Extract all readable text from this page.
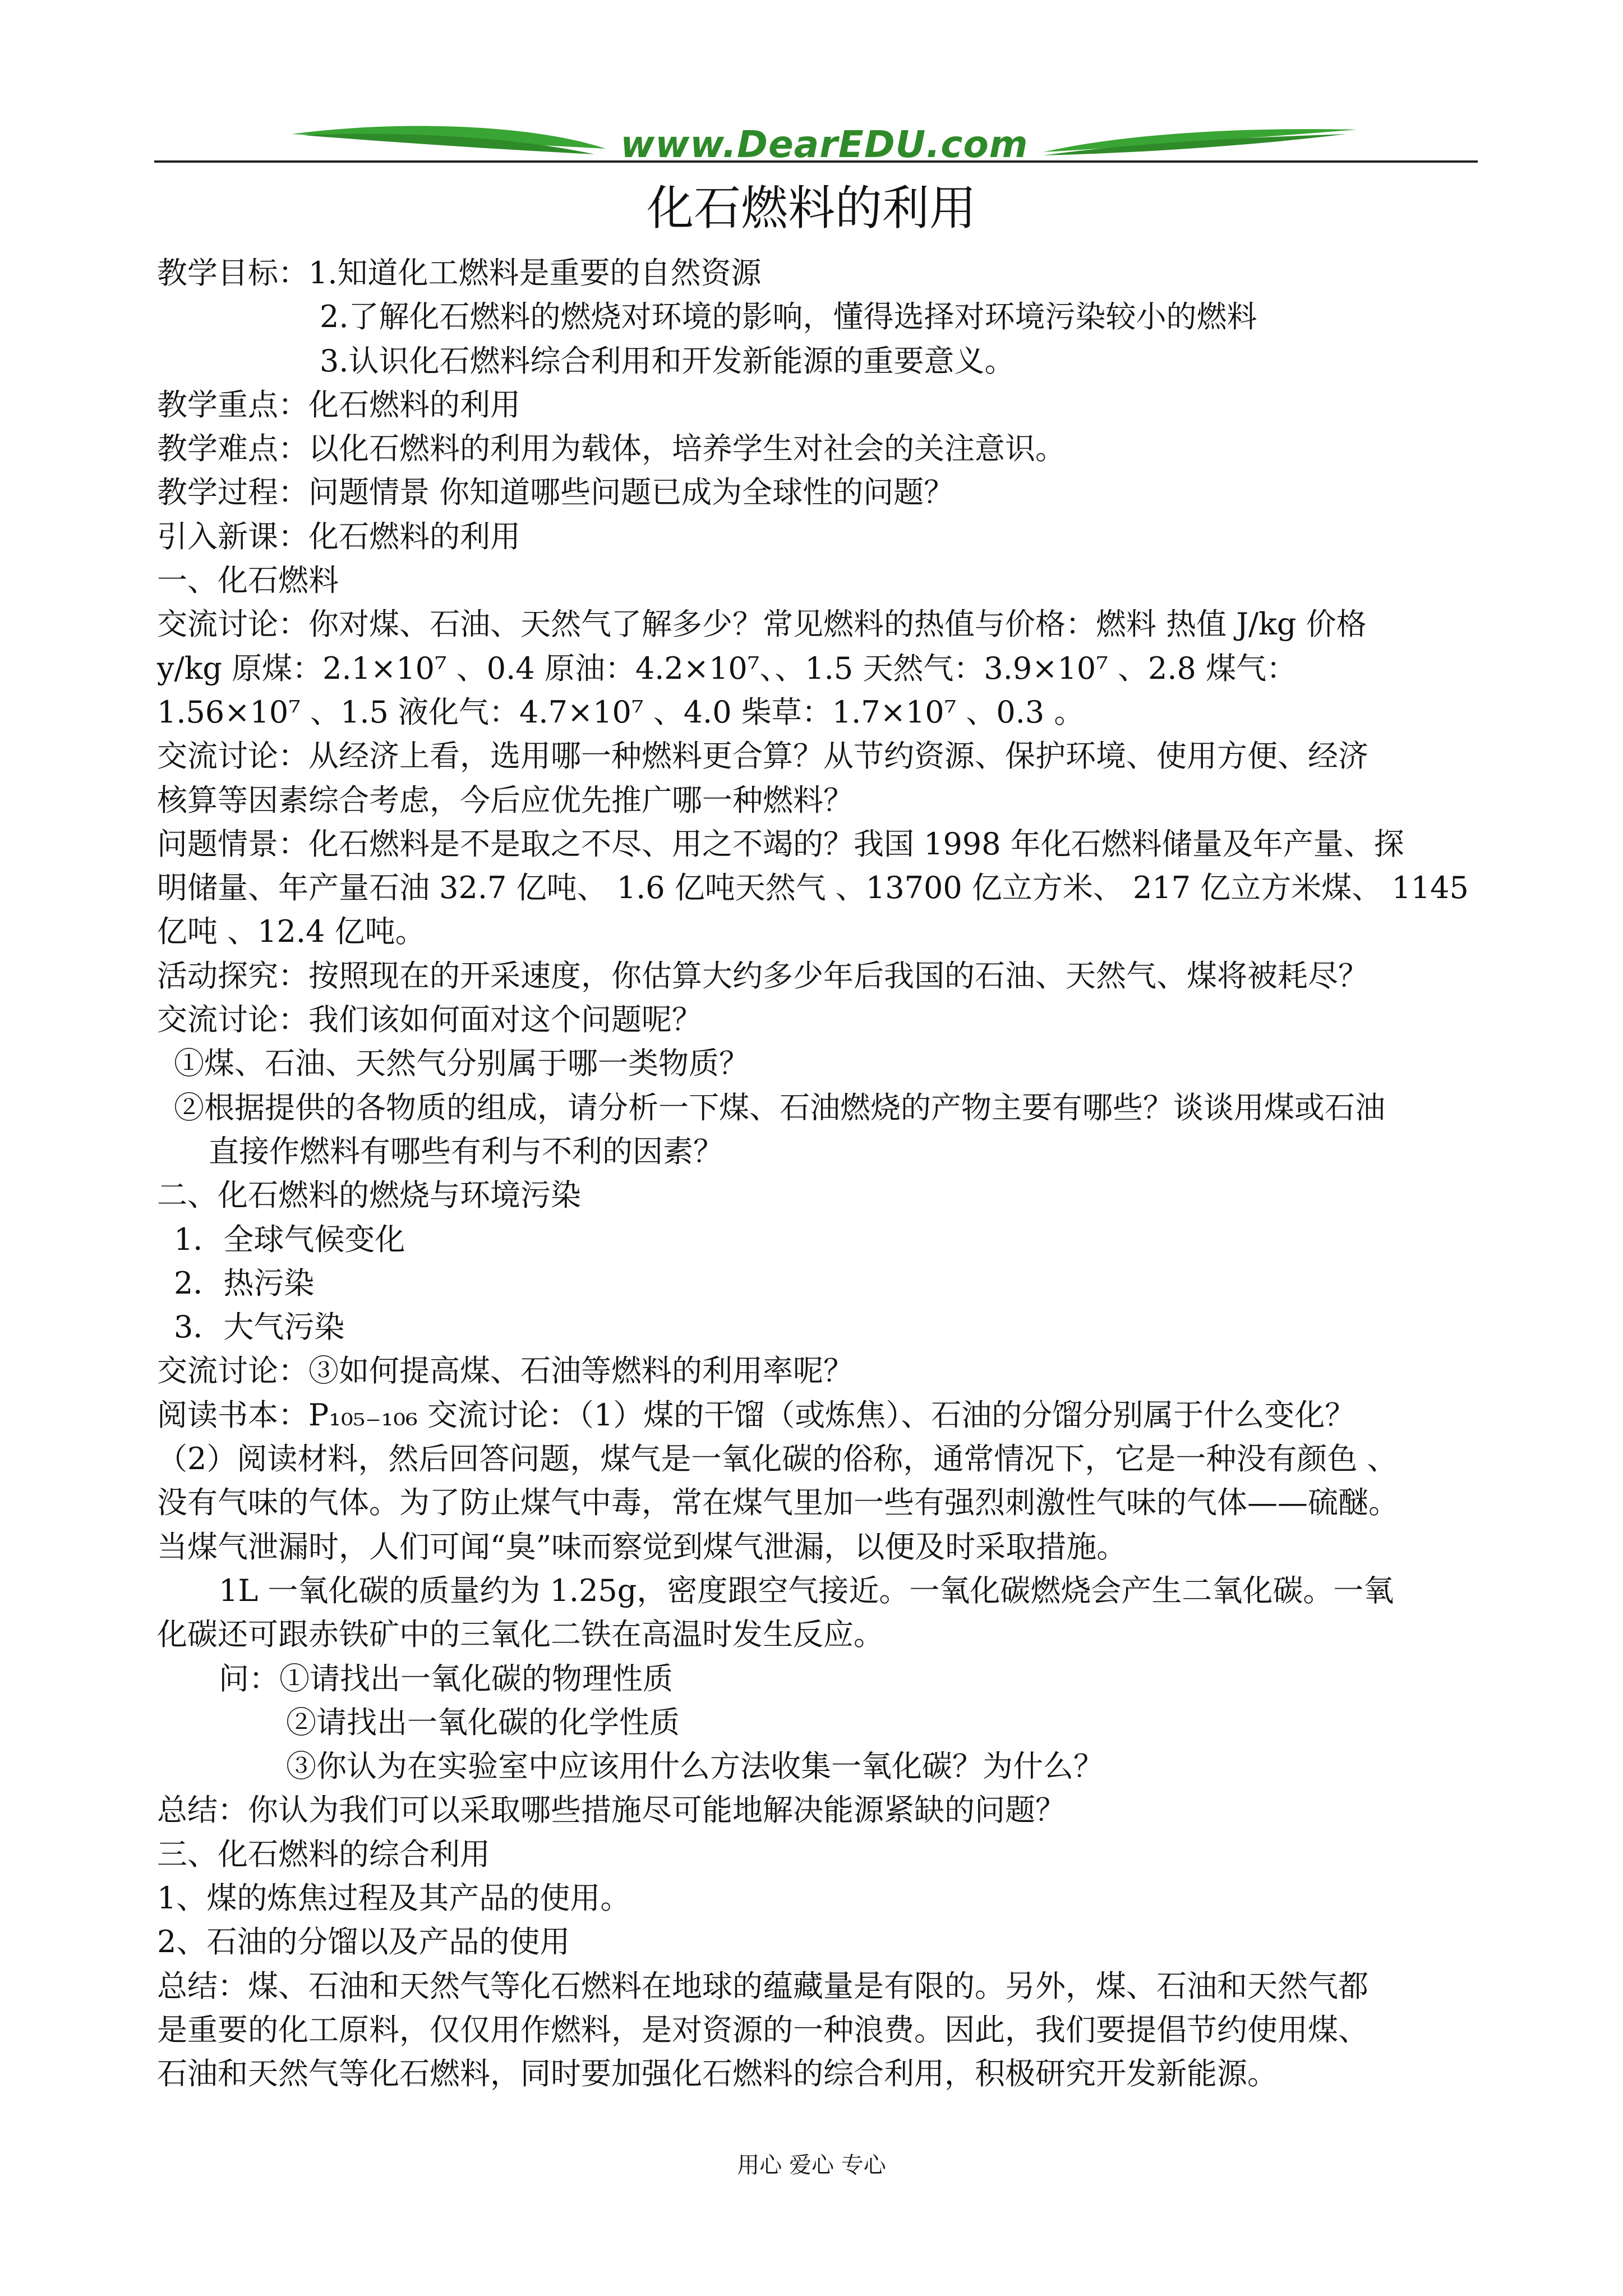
www.DearEDU.com
化石燃料的利用
教学目标：1.知道化工燃料是重要的自然资源
2.了解化石燃料的燃烧对环境的影响，懂得选择对环境污染较小的燃料
3.认识化石燃料综合利用和开发新能源的重要意义。
教学重点：化石燃料的利用
教学难点：以化石燃料的利用为载体，培养学生对社会的关注意识。
教学过程：问题情景 你知道哪些问题已成为全球性的问题？
引入新课：化石燃料的利用
一、化石燃料
交流讨论：你对煤、石油、天然气了解多少？常见燃料的热值与价格：燃料 热值 J/kg 价格
y/kg 原煤：2.1×10⁷ 、0.4 原油：4.2×10⁷、、1.5 天然气：3.9×10⁷ 、2.8 煤气：
1.56×10⁷ 、1.5 液化气：4.7×10⁷ 、4.0 柴草：1.7×10⁷ 、0.3 。
交流讨论：从经济上看，选用哪一种燃料更合算？从节约资源、保护环境、使用方便、经济
核算等因素综合考虑，今后应优先推广哪一种燃料？
问题情景：化石燃料是不是取之不尽、用之不竭的？我国 1998 年化石燃料储量及年产量、探
明储量、年产量石油 32.7 亿吨、 1.6 亿吨天然气 、13700 亿立方米、 217 亿立方米煤、 1145
亿吨 、12.4 亿吨。
活动探究：按照现在的开采速度，你估算大约多少年后我国的石油、天然气、煤将被耗尽？
交流讨论：我们该如何面对这个问题呢？
①煤、石油、天然气分别属于哪一类物质？
②根据提供的各物质的组成，请分析一下煤、石油燃烧的产物主要有哪些？谈谈用煤或石油
直接作燃料有哪些有利与不利的因素？
二、化石燃料的燃烧与环境污染
1．全球气候变化
2．热污染
3．大气污染
交流讨论：③如何提高煤、石油等燃料的利用率呢？
阅读书本：P₁₀₅₋₁₀₆ 交流讨论：（1）煤的干馏（或炼焦）、石油的分馏分别属于什么变化？
（2）阅读材料，然后回答问题，煤气是一氧化碳的俗称，通常情况下，它是一种没有颜色 、
没有气味的气体。为了防止煤气中毒，常在煤气里加一些有强烈刺激性气味的气体——硫醚。
当煤气泄漏时，人们可闻“臭”味而察觉到煤气泄漏，以便及时采取措施。
1L 一氧化碳的质量约为 1.25g，密度跟空气接近。一氧化碳燃烧会产生二氧化碳。一氧
化碳还可跟赤铁矿中的三氧化二铁在高温时发生反应。
问：①请找出一氧化碳的物理性质
②请找出一氧化碳的化学性质
③你认为在实验室中应该用什么方法收集一氧化碳？为什么？
总结：你认为我们可以采取哪些措施尽可能地解决能源紧缺的问题？
三、化石燃料的综合利用
1、煤的炼焦过程及其产品的使用。
2、石油的分馏以及产品的使用
总结：煤、石油和天然气等化石燃料在地球的蕴藏量是有限的。另外，煤、石油和天然气都
是重要的化工原料，仅仅用作燃料，是对资源的一种浪费。因此，我们要提倡节约使用煤、
石油和天然气等化石燃料，同时要加强化石燃料的综合利用，积极研究开发新能源。
用心 爱心 专心
